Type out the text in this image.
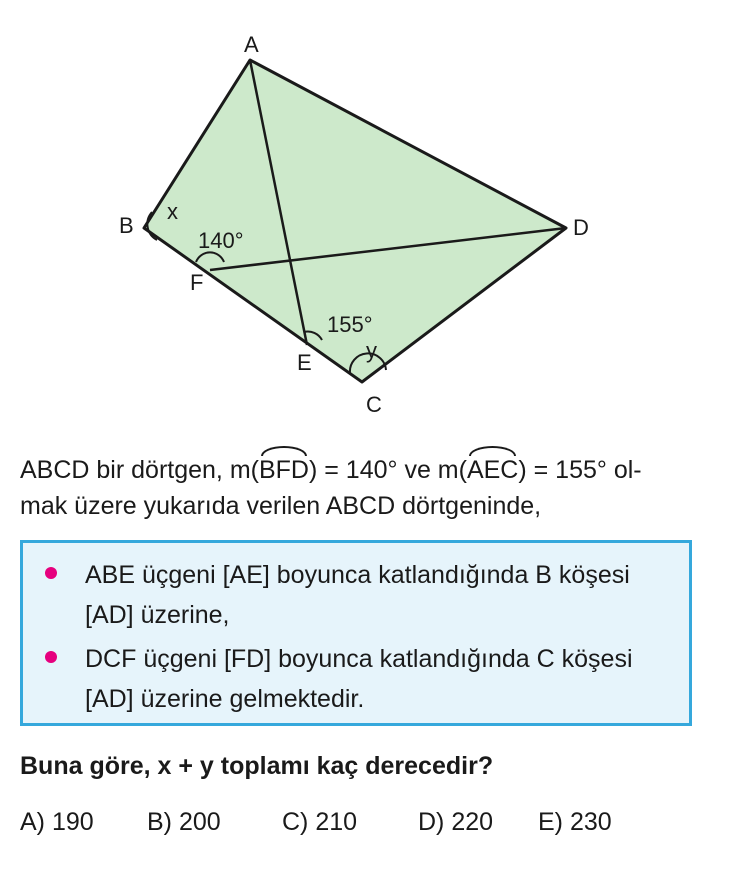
A
B
C
D
E
F
x
y
140°
155°
ABCD bir dörtgen, m(BFD) = 140° ve m(AEC) = 155° ol-
mak üzere yukarıda verilen ABCD dörtgeninde,
ABE üçgeni [AE] boyunca katlandığında B köşesi
[AD] üzerine,
DCF üçgeni [FD] boyunca katlandığında C köşesi
[AD] üzerine gelmektedir.
Buna göre, x + y toplamı kaç derecedir?
A) 190 B) 200 C) 210 D) 220 E) 230
